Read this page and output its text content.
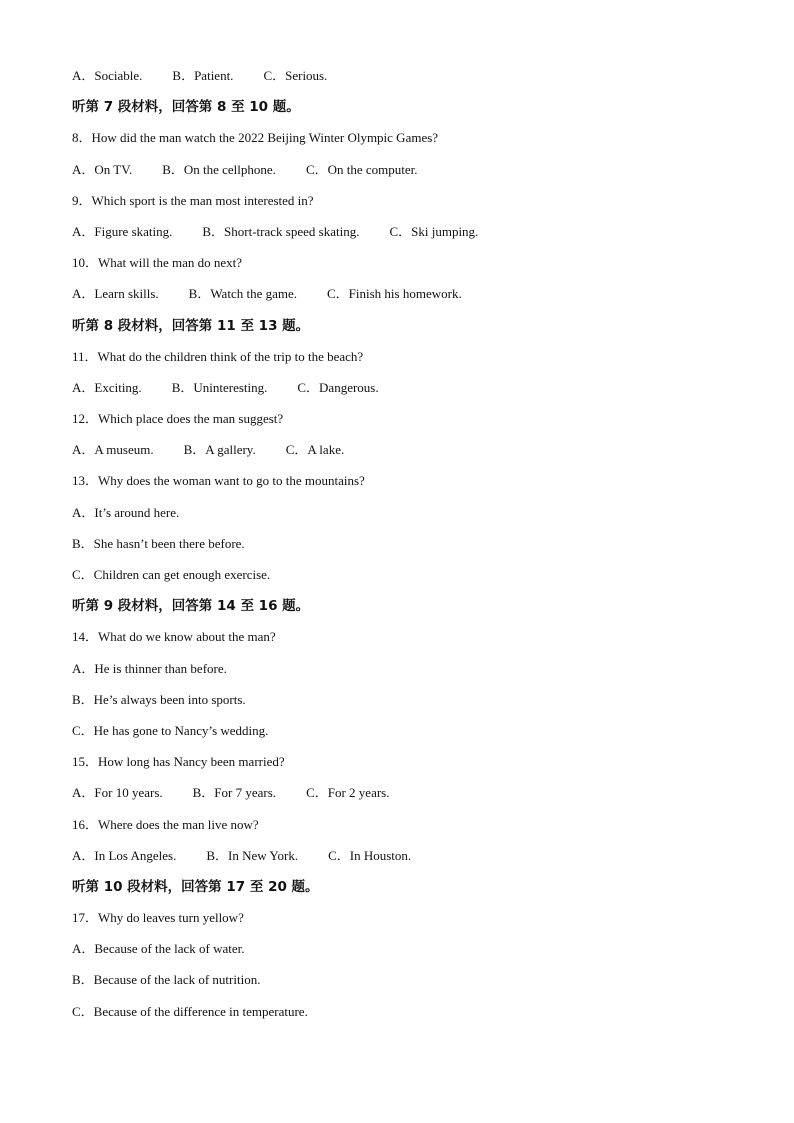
A．Sociable. B．Patient. C．Serious.
听第 7 段材料，回答第 8 至 10 题。
8．How did the man watch the 2022 Beijing Winter Olympic Games?
A．On TV. B．On the cellphone. C．On the computer.
9．Which sport is the man most interested in?
A．Figure skating. B．Short-track speed skating. C．Ski jumping.
10．What will the man do next?
A．Learn skills. B．Watch the game. C．Finish his homework.
听第 8 段材料，回答第 11 至 13 题。
11．What do the children think of the trip to the beach?
A．Exciting. B．Uninteresting. C．Dangerous.
12．Which place does the man suggest?
A．A museum. B．A gallery. C．A lake.
13．Why does the woman want to go to the mountains?
A．It’s around here.
B．She hasn’t been there before.
C．Children can get enough exercise.
听第 9 段材料，回答第 14 至 16 题。
14．What do we know about the man?
A．He is thinner than before.
B．He’s always been into sports.
C．He has gone to Nancy’s wedding.
15．How long has Nancy been married?
A．For 10 years. B．For 7 years. C．For 2 years.
16．Where does the man live now?
A．In Los Angeles. B．In New York. C．In Houston.
听第 10 段材料，回答第 17 至 20 题。
17．Why do leaves turn yellow?
A．Because of the lack of water.
B．Because of the lack of nutrition.
C．Because of the difference in temperature.
